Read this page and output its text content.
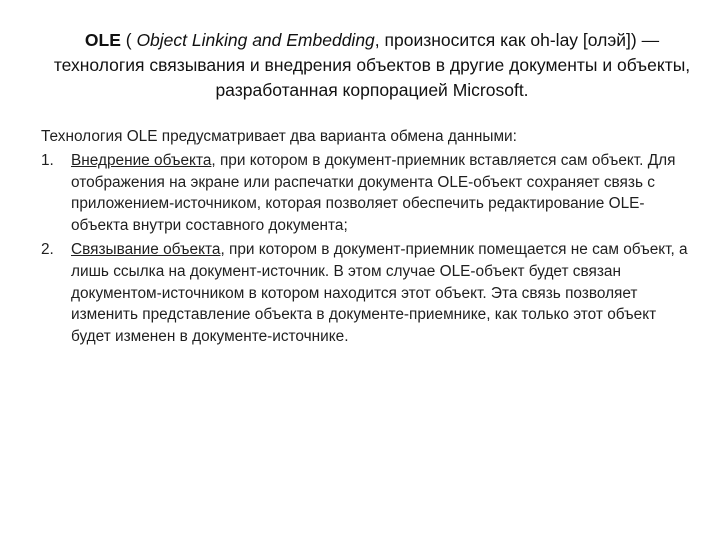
OLE ( Object Linking and Embedding, произносится как oh-lay [олэй]) — технология связывания и внедрения объектов в другие документы и объекты, разработанная корпорацией Microsoft.

Технология OLE предусматривает два варианта обмена данными:

1. Внедрение объекта, при котором в документ-приемник вставляется сам объект. Для отображения на экране или распечатки документа OLE-объект сохраняет связь с приложением-источником, которая позволяет обеспечить редактирование OLE-объекта внутри составного документа;
2. Связывание объекта, при котором в документ-приемник помещается не сам объект, а лишь ссылка на документ-источник. В этом случае OLE-объект будет связан документом-источником в котором находится этот объект. Эта связь позволяет изменить представление объекта в документе-приемнике, как только этот объект будет изменен в документе-источнике.
